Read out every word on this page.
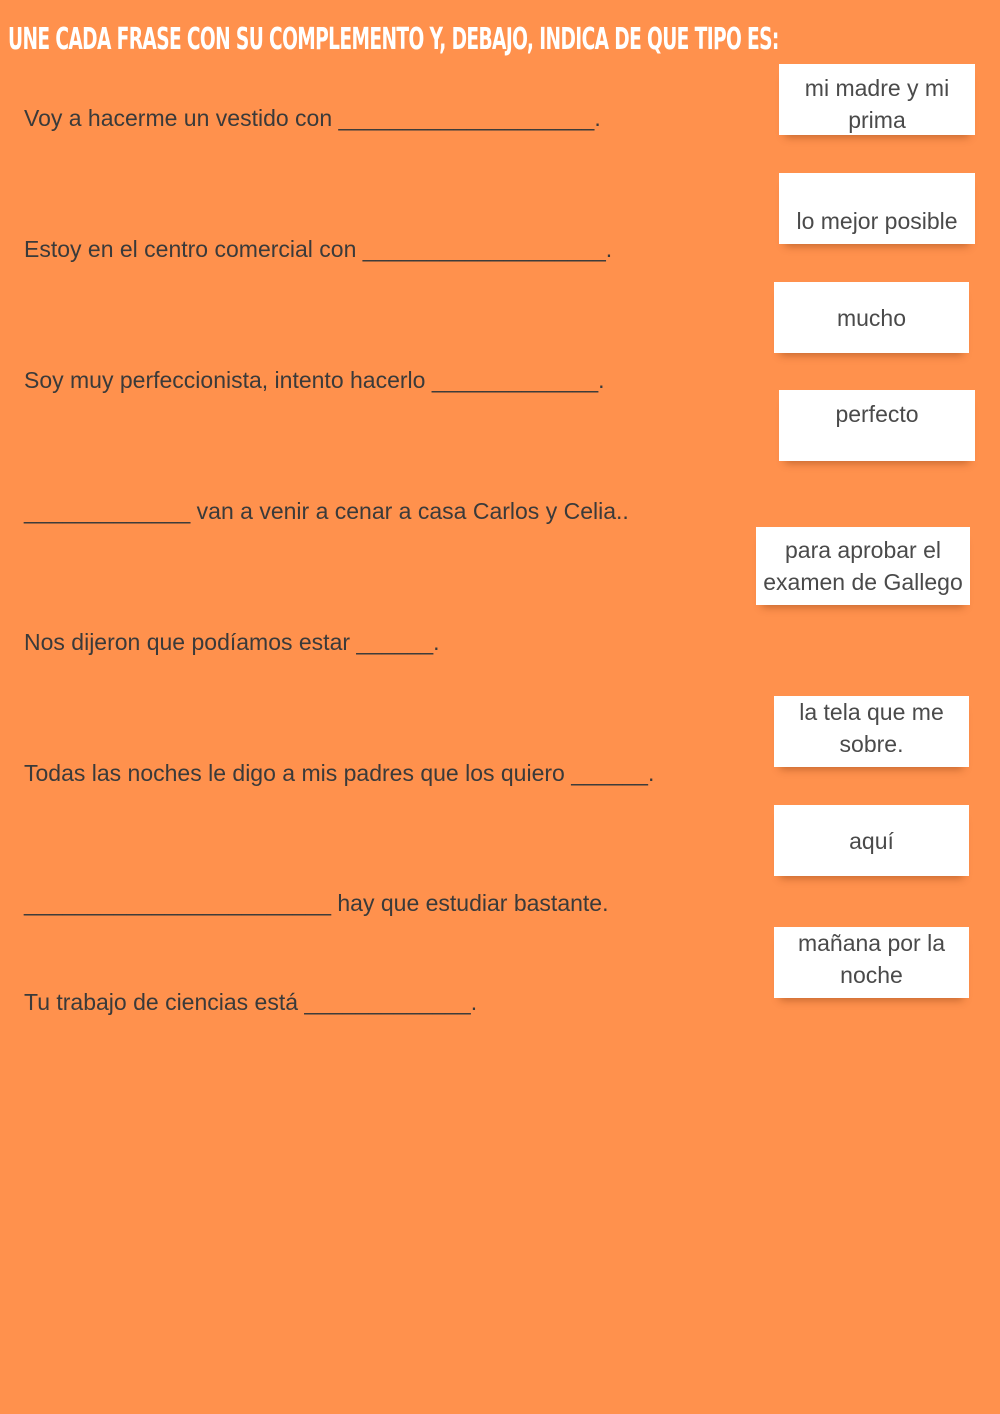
UNE CADA FRASE CON SU COMPLEMENTO Y, DEBAJO, INDICA DE QUE TIPO ES:
Voy a hacerme un vestido con ____________________.
Estoy en el centro comercial con ___________________.
Soy muy perfeccionista, intento hacerlo _____________.
_____________ van a venir a cenar a casa Carlos y Celia..
Nos dijeron que podíamos estar ______.
Todas las noches le digo a mis padres que los quiero ______.
________________________ hay que estudiar bastante.
Tu trabajo de ciencias está _____________.
mi madre y mi prima
lo mejor posible
mucho
perfecto
para aprobar el examen de Gallego
la tela que me sobre.
aquí
mañana por la noche
